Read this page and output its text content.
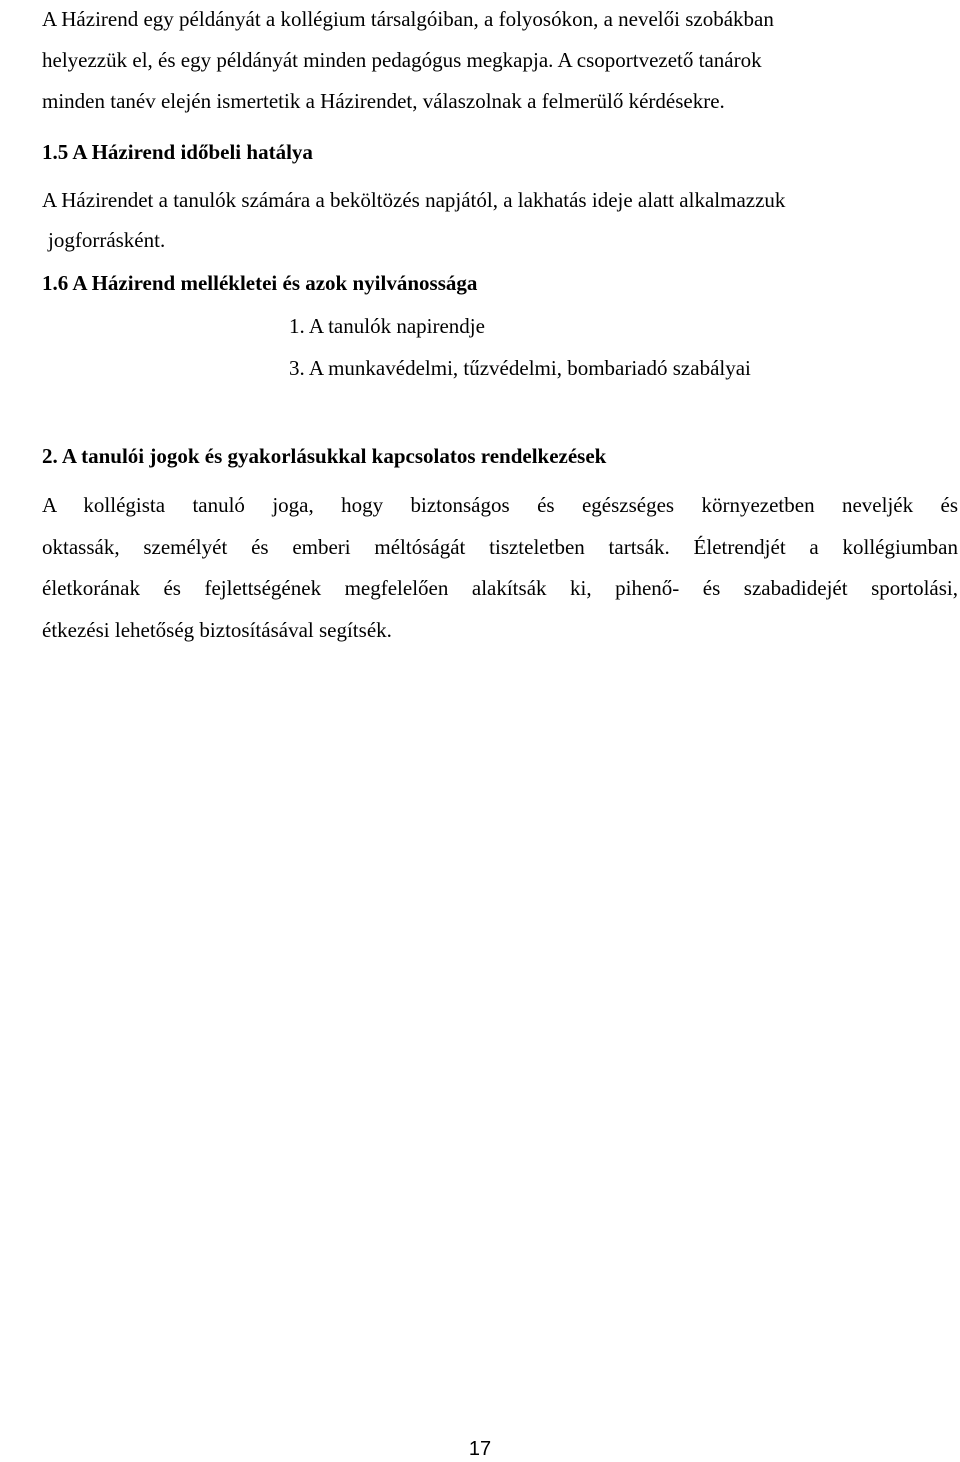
A Házirend egy példányát a kollégium társalgóiban, a folyosókon, a nevelői szobákban
helyezzük el, és egy példányát minden pedagógus megkapja. A csoportvezető tanárok
minden tanév elején ismertetik a Házirendet, válaszolnak a felmerülő kérdésekre.
1.5 A Házirend időbeli hatálya
A Házirendet a tanulók számára a beköltözés napjától, a lakhatás ideje alatt alkalmazzuk
jogforrásként.
1.6 A Házirend mellékletei és azok nyilvánossága
1. A tanulók napirendje
3. A munkavédelmi, tűzvédelmi, bombariadó szabályai
2. A tanulói jogok és gyakorlásukkal kapcsolatos rendelkezések
A kollégista tanuló joga, hogy biztonságos és egészséges környezetben neveljék és
oktassák, személyét és emberi méltóságát tiszteletben tartsák. Életrendjét a kollégiumban
életkorának és fejlettségének megfelelően alakítsák ki, pihenő- és szabadidejét sportolási,
étkezési lehetőség biztosításával segítsék.
17
